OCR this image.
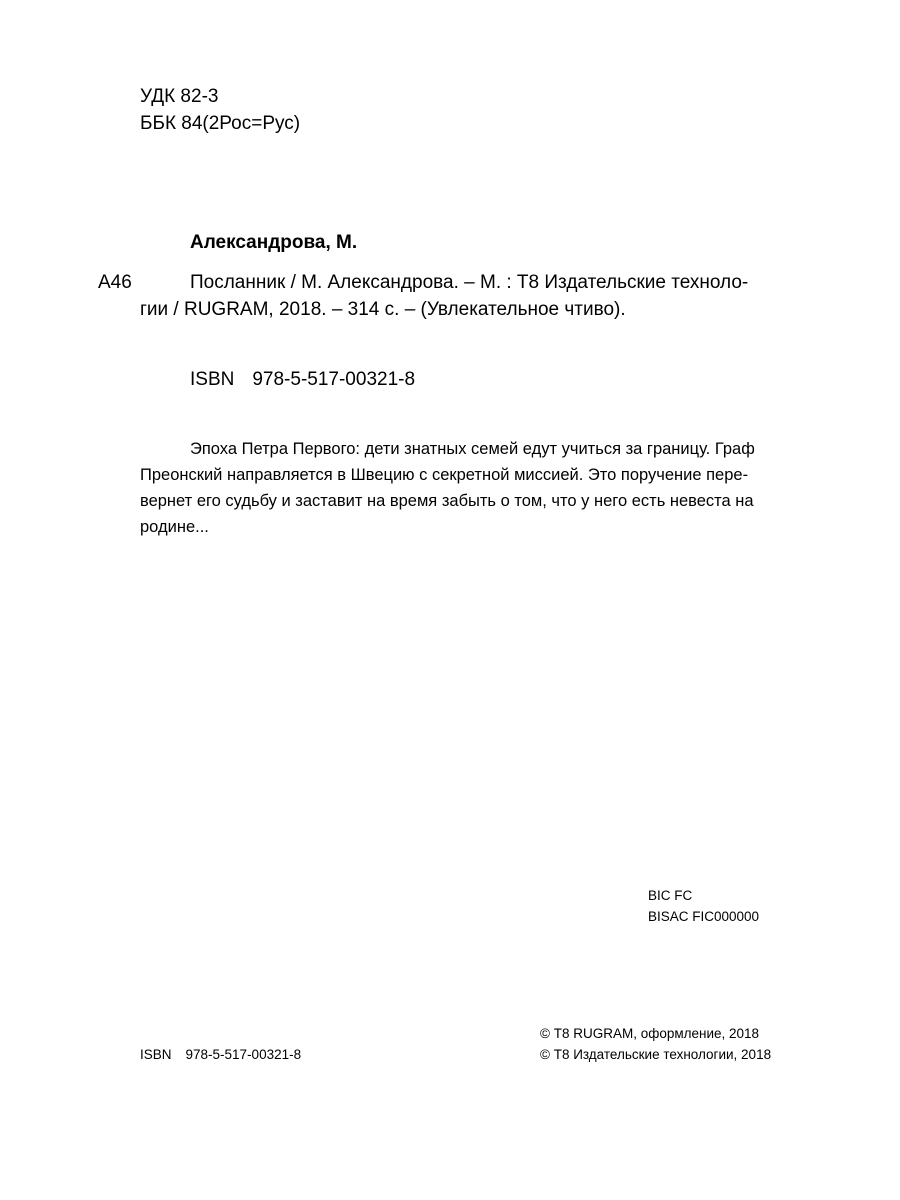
УДК 82-3
ББК 84(2Рос=Рус)
Александрова, М.
А46	Посланник / М. Александрова. – М. : Т8 Издательские техноло-
гии / RUGRAM, 2018. – 314 с. – (Увлекательное чтиво).
ISBN 978-5-517-00321-8
Эпоха Петра Первого: дети знатных семей едут учиться за границу. Граф
Преонский направляется в Швецию с секретной миссией. Это поручение пере-
вернет его судьбу и заставит на время забыть о том, что у него есть невеста на
родине...
BIC FC
BISAC FIC000000
© Т8 RUGRAM, оформление, 2018
© Т8 Издательские технологии, 2018
ISBN 978-5-517-00321-8
